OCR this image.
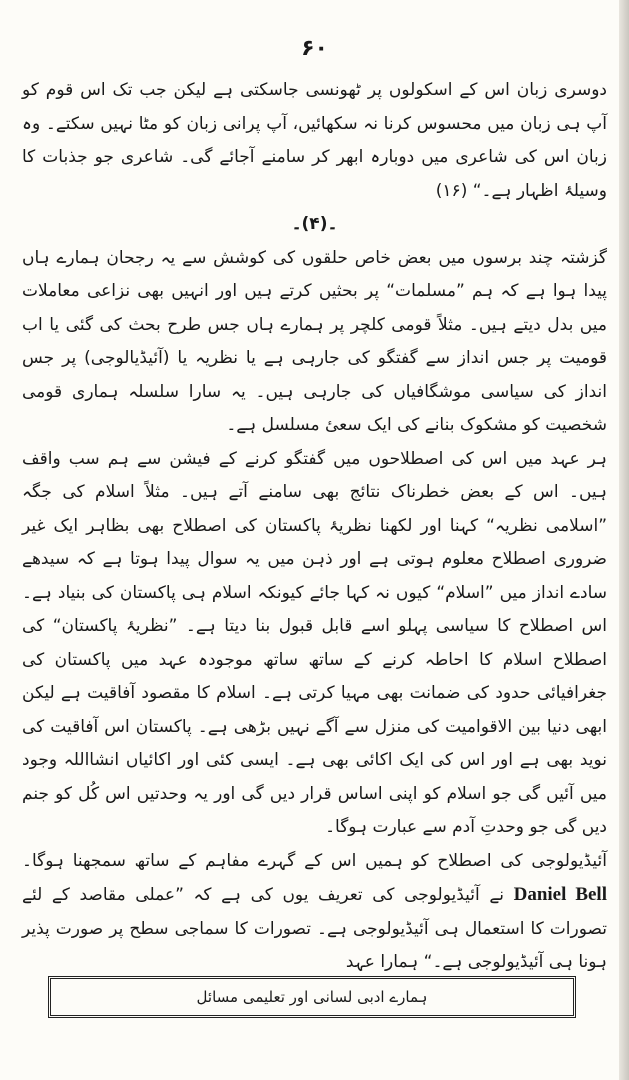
۶۰

دوسری زبان اس کے اسکولوں پر ٹھونسی جاسکتی ہے لیکن جب تک اس قوم کو آپ ہی زبان میں محسوس کرنا نہ سکھائیں، آپ پرانی زبان کو مٹا نہیں سکتے۔ وہ زبان اس کی شاعری میں دوبارہ ابھر کر سامنے آجائے گی۔ شاعری جو جذبات کا وسیلۂ اظہار ہے۔“ (۱۶)

۔(۴)۔

گزشتہ چند برسوں میں بعض خاص حلقوں کی کوشش سے یہ رجحان ہمارے ہاں پیدا ہوا ہے کہ ہم ”مسلمات“ پر بحثیں کرتے ہیں اور انہیں بھی نزاعی معاملات میں بدل دیتے ہیں۔ مثلاً قومی کلچر پر ہمارے ہاں جس طرح بحث کی گئی یا اب قومیت پر جس انداز سے گفتگو کی جارہی ہے یا نظریہ یا (آئیڈیالوجی) پر جس انداز کی سیاسی موشگافیاں کی جارہی ہیں۔ یہ سارا سلسلہ ہماری قومی شخصیت کو مشکوک بنانے کی ایک سعیٔ مسلسل ہے۔

ہر عہد میں اس کی اصطلاحوں میں گفتگو کرنے کے فیشن سے ہم سب واقف ہیں۔ اس کے بعض خطرناک نتائج بھی سامنے آتے ہیں۔ مثلاً اسلام کی جگہ ”اسلامی نظریہ“ کہنا اور لکھنا نظریۂ پاکستان کی اصطلاح بھی بظاہر ایک غیر ضروری اصطلاح معلوم ہوتی ہے اور ذہن میں یہ سوال پیدا ہوتا ہے کہ سیدھے سادے انداز میں ”اسلام“ کیوں نہ کہا جائے کیونکہ اسلام ہی پاکستان کی بنیاد ہے۔ اس اصطلاح کا سیاسی پہلو اسے قابل قبول بنا دیتا ہے۔ ”نظریۂ پاکستان“ کی اصطلاح اسلام کا احاطہ کرنے کے ساتھ ساتھ موجودہ عہد میں پاکستان کی جغرافیائی حدود کی ضمانت بھی مہیا کرتی ہے۔ اسلام کا مقصود آفاقیت ہے لیکن ابھی دنیا بین الاقوامیت کی منزل سے آگے نہیں بڑھی ہے۔ پاکستان اس آفاقیت کی نوید بھی ہے اور اس کی ایک اکائی بھی ہے۔ ایسی کئی اور اکائیاں انشااللہ وجود میں آئیں گی جو اسلام کو اپنی اساس قرار دیں گی اور یہ وحدتیں اس کُل کو جنم دیں گی جو وحدتِ آدم سے عبارت ہوگا۔

آئیڈیولوجی کی اصطلاح کو ہمیں اس کے گہرے مفاہم کے ساتھ سمجھنا ہوگا۔ Daniel Bell نے آئیڈیولوجی کی تعریف یوں کی ہے کہ ”عملی مقاصد کے لئے تصورات کا استعمال ہی آئیڈیولوجی ہے۔ تصورات کا سماجی سطح پر صورت پذیر ہونا ہی آئیڈیولوجی ہے۔“ ہمارا عہد

ہمارے ادبی لسانی اور تعلیمی مسائل
